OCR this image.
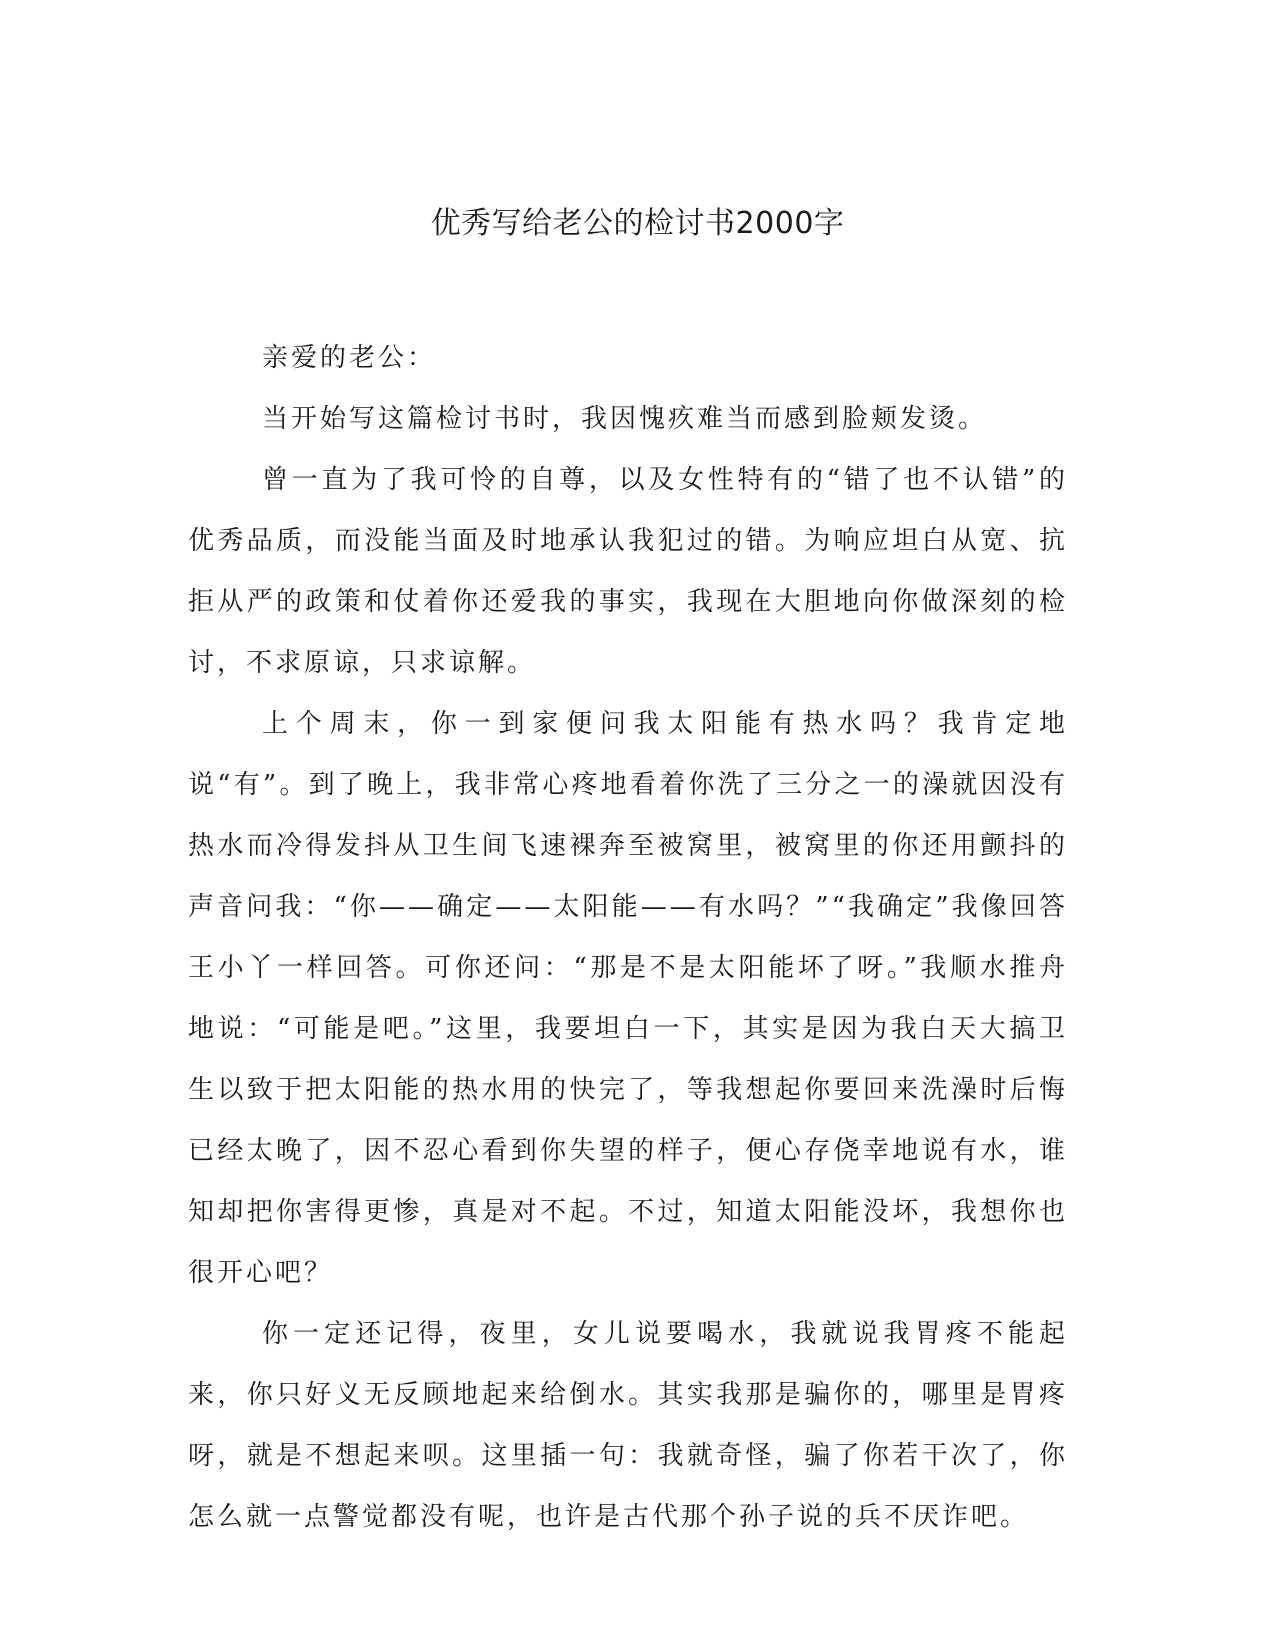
优秀写给老公的检讨书2000字

亲爱的老公：

当开始写这篇检讨书时，我因愧疚难当而感到脸颊发烫。

曾一直为了我可怜的自尊，以及女性特有的“错了也不认错”的优秀品质，而没能当面及时地承认我犯过的错。为响应坦白从宽、抗拒从严的政策和仗着你还爱我的事实，我现在大胆地向你做深刻的检讨，不求原谅，只求谅解。

上个周末，你一到家便问我太阳能有热水吗？我肯定地说“有”。到了晚上，我非常心疼地看着你洗了三分之一的澡就因没有热水而冷得发抖从卫生间飞速裸奔至被窝里，被窝里的你还用颤抖的声音问我：“你——确定——太阳能——有水吗？”“我确定”我像回答王小丫一样回答。可你还问：“那是不是太阳能坏了呀。”我顺水推舟地说：“可能是吧。”这里，我要坦白一下，其实是因为我白天大搞卫生以致于把太阳能的热水用的快完了，等我想起你要回来洗澡时后悔已经太晚了，因不忍心看到你失望的样子，便心存侥幸地说有水，谁知却把你害得更惨，真是对不起。不过，知道太阳能没坏，我想你也很开心吧？

你一定还记得，夜里，女儿说要喝水，我就说我胃疼不能起来，你只好义无反顾地起来给倒水。其实我那是骗你的，哪里是胃疼呀，就是不想起来呗。这里插一句：我就奇怪，骗了你若干次了，你怎么就一点警觉都没有呢，也许是古代那个孙子说的兵不厌诈吧。
